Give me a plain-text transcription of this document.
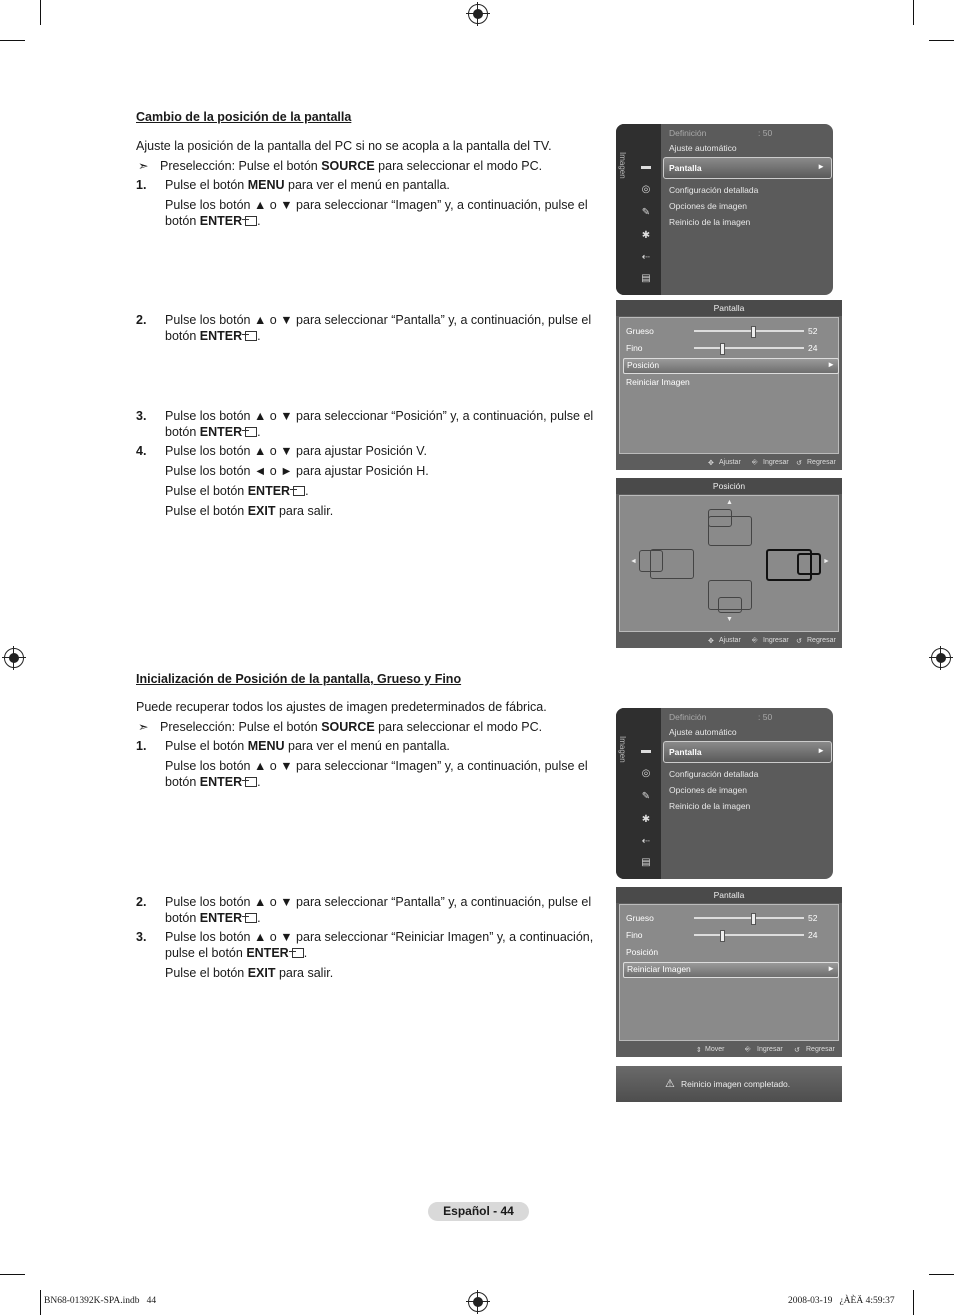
Cambio de la posición de la pantalla
Ajuste la posición de la pantalla del PC si no se acopla a la pantalla del TV.
➣ Preselección: Pulse el botón SOURCE para seleccionar el modo PC.
1. Pulse el botón MENU para ver el menú en pantalla.
Pulse los botón ▲ o ▼ para seleccionar “Imagen” y, a continuación, pulse el botón ENTER .
2. Pulse los botón ▲ o ▼ para seleccionar “Pantalla” y, a continuación, pulse el botón ENTER .
3. Pulse los botón ▲ o ▼ para seleccionar “Posición” y, a continuación, pulse el botón ENTER .
4. Pulse los botón ▲ o ▼ para ajustar Posición V.
Pulse los botón ◄ o ► para ajustar Posición H.
Pulse el botón ENTER .
Pulse el botón EXIT para salir.
Imagen ▬
◎
✎
✱
⇠
▤
Definición	: 50
Ajuste automático
Pantalla	►
Configuración detallada
Opciones de imagen
Reinicio de la imagen
Pantalla
Grueso	52
Fino	24
Posición	►
Reiniciar Imagen
✥ Ajustar ⎆ Ingresar ↺ Regresar
Posición
▲
◄	►
▼
✥ Ajustar ⎆ Ingresar ↺ Regresar
Inicialización de Posición de la pantalla, Grueso y Fino
Puede recuperar todos los ajustes de imagen predeterminados de fábrica.
➣ Preselección: Pulse el botón SOURCE para seleccionar el modo PC.
1. Pulse el botón MENU para ver el menú en pantalla.
Pulse los botón ▲ o ▼ para seleccionar “Imagen” y, a continuación, pulse el botón ENTER .
2. Pulse los botón ▲ o ▼ para seleccionar “Pantalla” y, a continuación, pulse el botón ENTER .
3. Pulse los botón ▲ o ▼ para seleccionar “Reiniciar Imagen” y, a continuación, pulse el botón ENTER .
Pulse el botón EXIT para salir.
Imagen ▬
◎
✎
✱
⇠
▤
Definición	: 50
Ajuste automático
Pantalla	►
Configuración detallada
Opciones de imagen
Reinicio de la imagen
Pantalla
Grueso	52
Fino	24
Posición
Reiniciar Imagen	►
⇕ Mover	⎆ Ingresar ↺ Regresar
⚠ Reinicio imagen completado.
Español - 44
BN68-01392K-SPA.indb   44	2008-03-19   ¿ÀÈÄ 4:59:37
